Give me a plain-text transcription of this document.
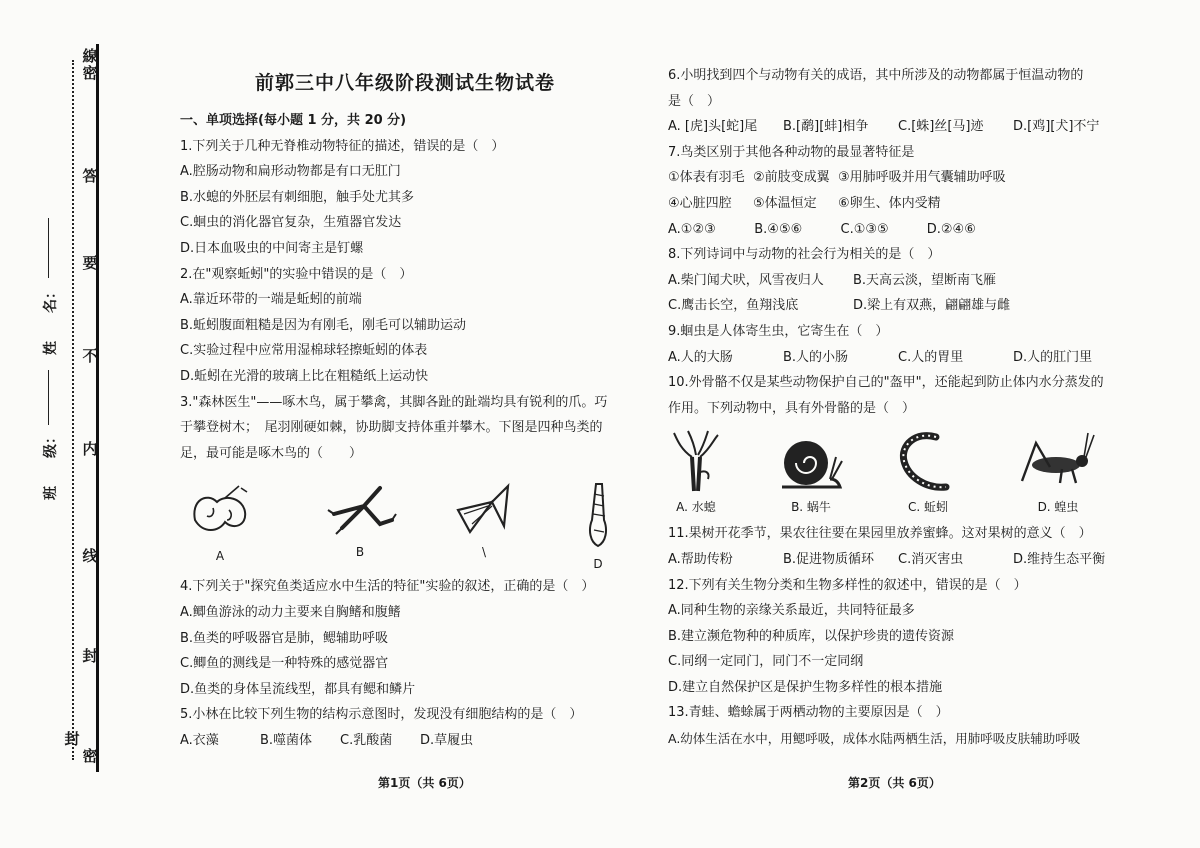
線
密
答
要
不
内
线
封
密
封
姓　　名：
班　　级：
前郭三中八年级阶段测试生物试卷
一、单项选择(每小题 1 分，共 20 分)
1.下列关于几种无脊椎动物特征的描述，错误的是（　）
A.腔肠动物和扁形动物都是有口无肛门
B.水螅的外胚层有刺细胞，触手处尤其多
C.蛔虫的消化器官复杂，生殖器官发达
D.日本血吸虫的中间寄主是钉螺
2.在"观察蚯蚓"的实验中错误的是（　）
A.靠近环带的一端是蚯蚓的前端
B.蚯蚓腹面粗糙是因为有刚毛，刚毛可以辅助运动
C.实验过程中应常用湿棉球轻擦蚯蚓的体表
D.蚯蚓在光滑的玻璃上比在粗糙纸上运动快
3."森林医生"——啄木鸟，属于攀禽，其脚各趾的趾端均具有锐利的爪。巧
于攀登树木；　尾羽刚硬如棘，协助脚支持体重并攀木。下图是四种鸟类的
足，最可能是啄木鸟的（　　）
A	B	\
D
4.下列关于"探究鱼类适应水中生活的特征"实验的叙述，正确的是（　）
A.鲫鱼游泳的动力主要来自胸鳍和腹鳍
B.鱼类的呼吸器官是肺，鳃辅助呼吸
C.鲫鱼的测线是一种特殊的感觉器官
D.鱼类的身体呈流线型，都具有鳃和鳞片
5.小林在比较下列生物的结构示意图时，发现没有细胞结构的是（　）
A.衣藻	B.噬菌体	C.乳酸菌	D.草履虫
6.小明找到四个与动物有关的成语，其中所涉及的动物都属于恒温动物的
是（　）
A. [虎]头[蛇]尾	B.[鹬][蚌]相争	C.[蛛]丝[马]迹	D.[鸡][犬]不宁
7.鸟类区别于其他各种动物的最显著特征是
①体表有羽毛 ②前肢变成翼 ③用肺呼吸并用气囊辅助呼吸
④心脏四腔	⑤体温恒定	⑥卵生、体内受精
A.①②③	B.④⑤⑥	C.①③⑤	D.②④⑥
8.下列诗词中与动物的社会行为相关的是（　）
A.柴门闻犬吠，风雪夜归人	B.天高云淡，望断南飞雁
C.鹰击长空，鱼翔浅底	D.梁上有双燕，翩翩雄与雌
9.蛔虫是人体寄生虫，它寄生在（　）
A.人的大肠	B.人的小肠	C.人的胃里	D.人的肛门里
10.外骨骼不仅是某些动物保护自己的"盔甲"，还能起到防止体内水分蒸发的
作用。下列动物中，具有外骨骼的是（　）
A. 水螅	B. 蜗牛	C. 蚯蚓	D. 蝗虫
11.果树开花季节，果农往往要在果园里放养蜜蜂。这对果树的意义（　）
A.帮助传粉	B.促进物质循环	C.消灭害虫	D.维持生态平衡
12.下列有关生物分类和生物多样性的叙述中，错误的是（　）
A.同种生物的亲缘关系最近，共同特征最多
B.建立濒危物种的种质库，以保护珍贵的遗传资源
C.同纲一定同门，同门不一定同纲
D.建立自然保护区是保护生物多样性的根本措施
13.青蛙、蟾蜍属于两栖动物的主要原因是（　）
A.幼体生活在水中，用鳃呼吸，成体水陆两栖生活，用肺呼吸皮肤辅助呼吸
第1页（共 6页）	第2页（共 6页）
